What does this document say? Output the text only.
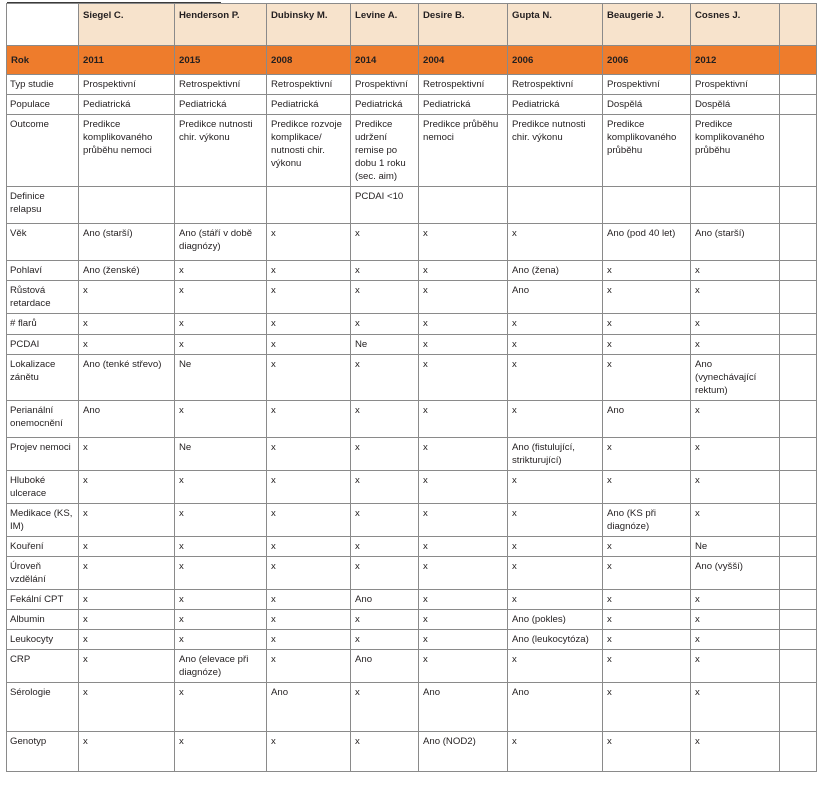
	Siegel C.	Henderson P.	Dubinsky M.	Levine A.	Desire B.	Gupta N.	Beaugerie J.	Cosnes J.	
Rok	2011	2015	2008	2014	2004	2006	2006	2012	
Typ studie	Prospektivní	Retrospektivní	Retrospektivní	Prospektivní	Retrospektivní	Retrospektivní	Prospektivní	Prospektivní	
Populace	Pediatrická	Pediatrická	Pediatrická	Pediatrická	Pediatrická	Pediatrická	Dospělá	Dospělá	
Outcome	Predikce komplikovaného průběhu nemoci	Predikce nutnosti chir. výkonu	Predikce rozvoje komplikace/ nutnosti chir. výkonu	Predikce udržení remise po dobu 1 roku (sec. aim)	Predikce průběhu nemoci	Predikce nutnosti chir. výkonu	Predikce komplikovaného průběhu	Predikce komplikovaného průběhu	
Definice relapsu				PCDAI <10					
Věk	Ano (starší)	Ano (stáří v době diagnózy)	x	x	x	x	Ano (pod 40 let)	Ano (starší)	
Pohlaví	Ano (ženské)	x	x	x	x	Ano (žena)	x	x	
Růstová retardace	x	x	x	x	x	Ano	x	x	
# flarů	x	x	x	x	x	x	x	x	
PCDAI	x	x	x	Ne	x	x	x	x	
Lokalizace zánětu	Ano (tenké střevo)	Ne	x	x	x	x	x	Ano (vynechávající rektum)	
Perianální onemocnění	Ano	x	x	x	x	x	Ano	x	
Projev nemoci	x	Ne	x	x	x	Ano (fistulující, strikturující)	x	x	
Hluboké ulcerace	x	x	x	x	x	x	x	x	
Medikace (KS, IM)	x	x	x	x	x	x	Ano (KS při diagnóze)	x	
Kouření	x	x	x	x	x	x	x	Ne	
Úroveň vzdělání	x	x	x	x	x	x	x	Ano (vyšší)	
Fekální CPT	x	x	x	Ano	x	x	x	x	
Albumin	x	x	x	x	x	Ano (pokles)	x	x	
Leukocyty	x	x	x	x	x	Ano (leukocytóza)	x	x	
CRP	x	Ano (elevace při diagnóze)	x	Ano	x	x	x	x	
Sérologie	x	x	Ano	x	Ano	Ano	x	x	
Genotyp	x	x	x	x	Ano (NOD2)	x	x	x	
